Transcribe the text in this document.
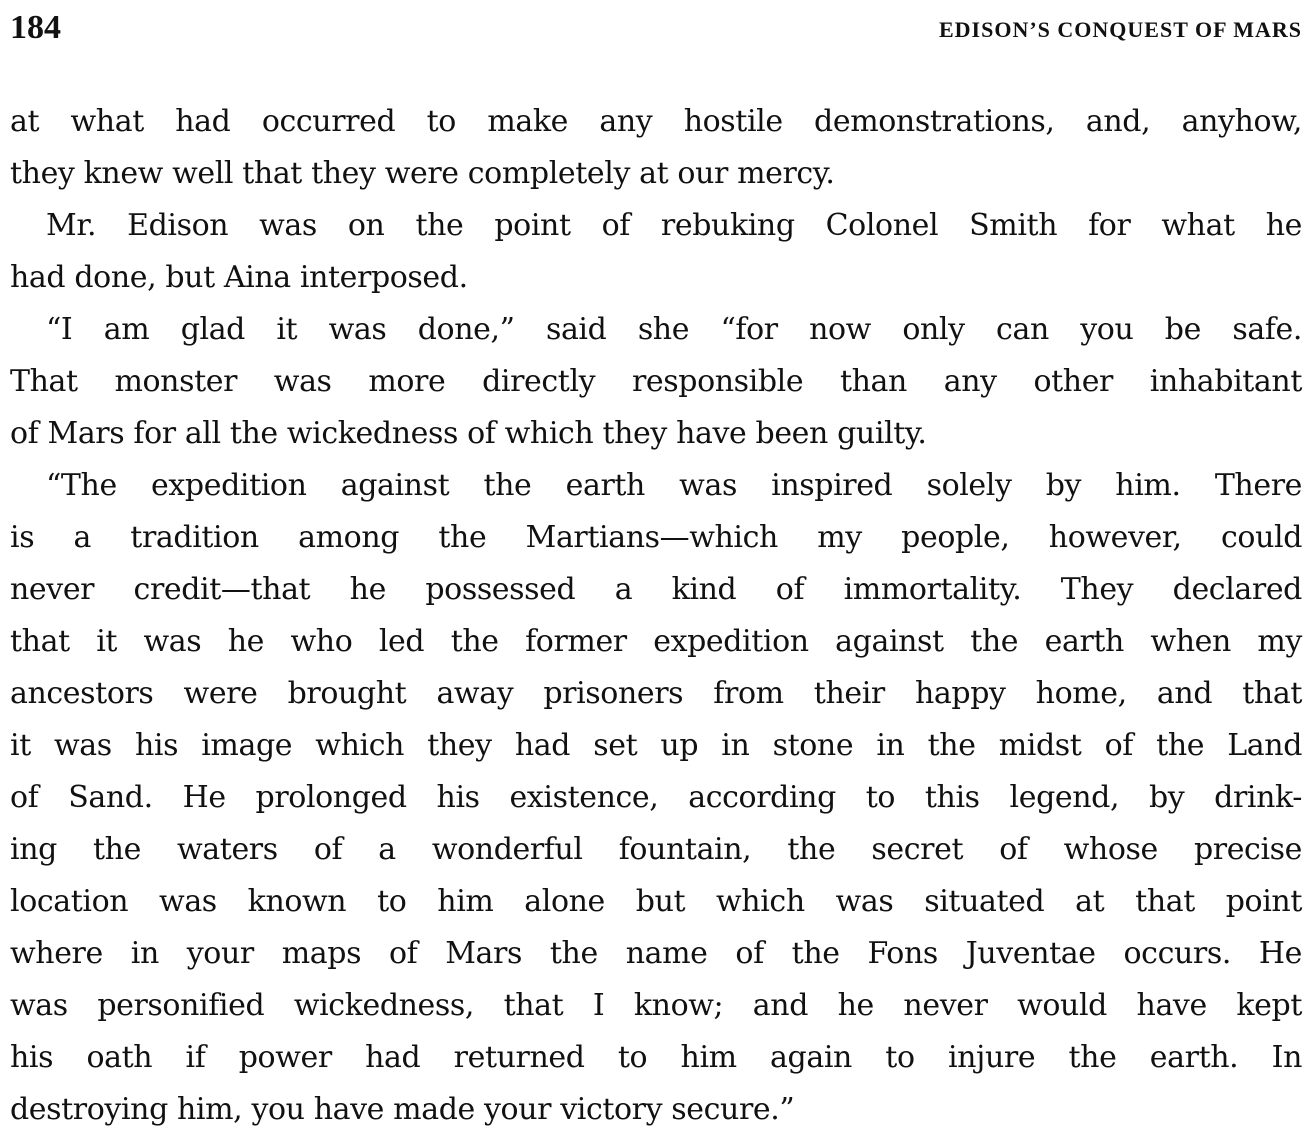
184	EDISON’S CONQUEST OF MARS
at what had occurred to make any hostile demonstrations, and, anyhow,
they knew well that they were completely at our mercy.
Mr. Edison was on the point of rebuking Colonel Smith for what he
had done, but Aina interposed.
“I am glad it was done,” said she “for now only can you be safe.
That monster was more directly responsible than any other inhabitant
of Mars for all the wickedness of which they have been guilty.
“The expedition against the earth was inspired solely by him. There
is a tradition among the Martians—which my people, however, could
never credit—that he possessed a kind of immortality. They declared
that it was he who led the former expedition against the earth when my
ancestors were brought away prisoners from their happy home, and that
it was his image which they had set up in stone in the midst of the Land
of Sand. He prolonged his existence, according to this legend, by drink-
ing the waters of a wonderful fountain, the secret of whose precise
location was known to him alone but which was situated at that point
where in your maps of Mars the name of the Fons Juventae occurs. He
was personified wickedness, that I know; and he never would have kept
his oath if power had returned to him again to injure the earth. In
destroying him, you have made your victory secure.”
